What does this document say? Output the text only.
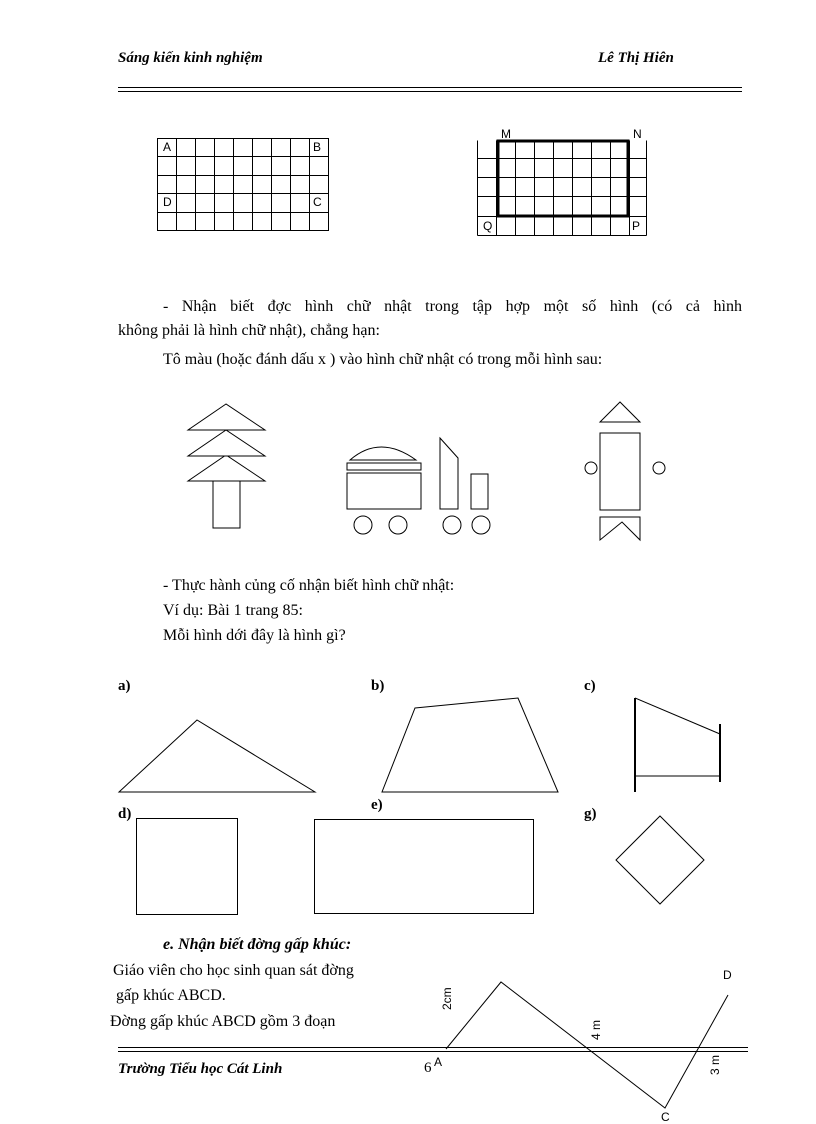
Sáng kiến kinh nghiệm	Lê Thị Hiên
A	B
D	C
M	N
Q	P
- Nhận biết đợc hình chữ nhật trong tập hợp một số hình (có cả hình
không phải là hình chữ nhật), chẳng hạn:
Tô màu (hoặc đánh dấu x ) vào hình chữ nhật có trong mỗi hình sau:
- Thực hành củng cố nhận biết hình chữ nhật:
Ví dụ: Bài 1 trang 85:
Mỗi hình dới đây là hình gì?
a)	b)	c)
d)
e)
g)
e. Nhận biết đờng gấp khúc:
Giáo viên cho học sinh quan sát đờng
gấp khúc ABCD.
Đờng gấp khúc ABCD gồm 3 đoạn
A
C
D
2cm
4 m
3 m
Trường Tiểu học Cát Linh	6
